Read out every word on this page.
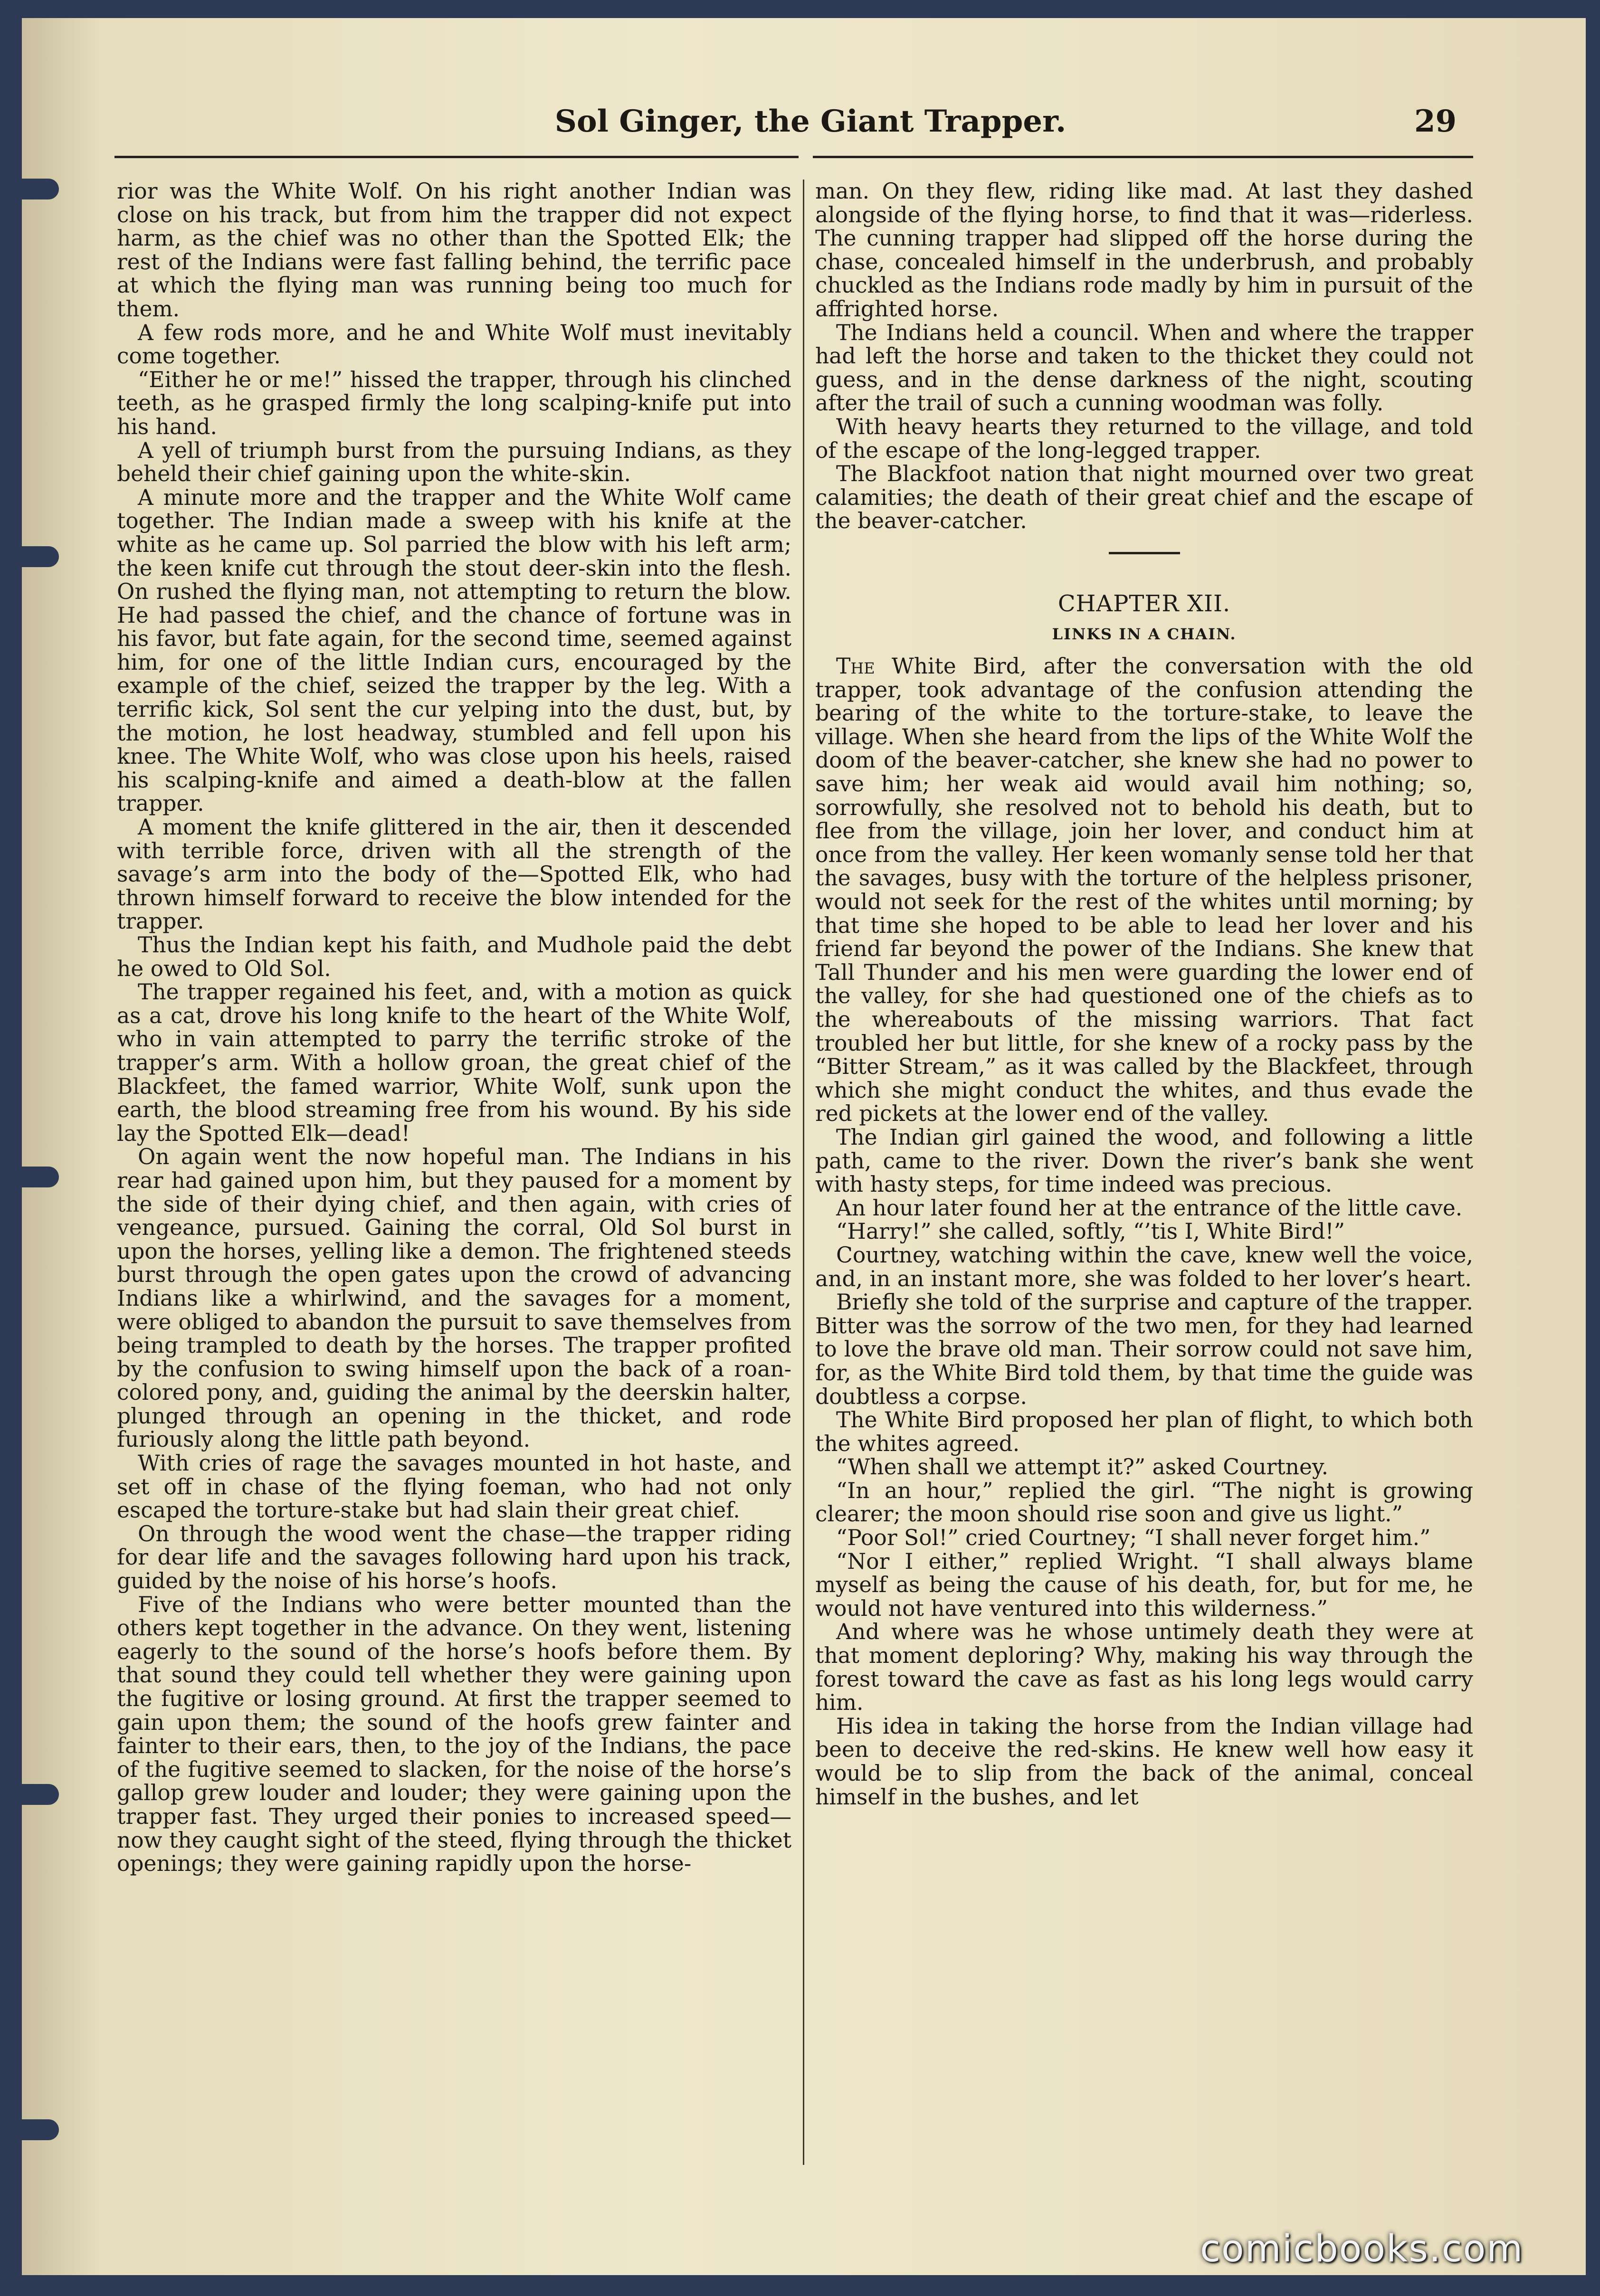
Sol Ginger, the Giant Trapper.	29

rior was the White Wolf. On his right another Indian was close on his track, but from him the trapper did not expect harm, as the chief was no other than the Spotted Elk; the rest of the Indians were fast falling behind, the terrific pace at which the flying man was running being too much for them.

A few rods more, and he and White Wolf must inevitably come together.

“Either he or me!” hissed the trapper, through his clinched teeth, as he grasped firmly the long scalping-knife put into his hand.

A yell of triumph burst from the pursuing Indians, as they beheld their chief gaining upon the white-skin.

A minute more and the trapper and the White Wolf came together. The Indian made a sweep with his knife at the white as he came up. Sol parried the blow with his left arm; the keen knife cut through the stout deer-skin into the flesh. On rushed the flying man, not attempting to return the blow. He had passed the chief, and the chance of fortune was in his favor, but fate again, for the second time, seemed against him, for one of the little Indian curs, encouraged by the example of the chief, seized the trapper by the leg. With a terrific kick, Sol sent the cur yelping into the dust, but, by the motion, he lost headway, stumbled and fell upon his knee. The White Wolf, who was close upon his heels, raised his scalping-knife and aimed a death-blow at the fallen trapper.

A moment the knife glittered in the air, then it descended with terrible force, driven with all the strength of the savage’s arm into the body of the—Spotted Elk, who had thrown himself forward to receive the blow intended for the trapper.

Thus the Indian kept his faith, and Mudhole paid the debt he owed to Old Sol.

The trapper regained his feet, and, with a motion as quick as a cat, drove his long knife to the heart of the White Wolf, who in vain attempted to parry the terrific stroke of the trapper’s arm. With a hollow groan, the great chief of the Blackfeet, the famed warrior, White Wolf, sunk upon the earth, the blood streaming free from his wound. By his side lay the Spotted Elk—dead!

On again went the now hopeful man. The Indians in his rear had gained upon him, but they paused for a moment by the side of their dying chief, and then again, with cries of vengeance, pursued. Gaining the corral, Old Sol burst in upon the horses, yelling like a demon. The frightened steeds burst through the open gates upon the crowd of advancing Indians like a whirlwind, and the savages for a moment, were obliged to abandon the pursuit to save themselves from being trampled to death by the horses. The trapper profited by the confusion to swing himself upon the back of a roan-colored pony, and, guiding the animal by the deerskin halter, plunged through an opening in the thicket, and rode furiously along the little path beyond.

With cries of rage the savages mounted in hot haste, and set off in chase of the flying foeman, who had not only escaped the torture-stake but had slain their great chief.

On through the wood went the chase—the trapper riding for dear life and the savages following hard upon his track, guided by the noise of his horse’s hoofs.

Five of the Indians who were better mounted than the others kept together in the advance. On they went, listening eagerly to the sound of the horse’s hoofs before them. By that sound they could tell whether they were gaining upon the fugitive or losing ground. At first the trapper seemed to gain upon them; the sound of the hoofs grew fainter and fainter to their ears, then, to the joy of the Indians, the pace of the fugitive seemed to slacken, for the noise of the horse’s gallop grew louder and louder; they were gaining upon the trapper fast. They urged their ponies to increased speed—now they caught sight of the steed, flying through the thicket openings; they were gaining rapidly upon the horse-

man. On they flew, riding like mad. At last they dashed alongside of the flying horse, to find that it was—riderless. The cunning trapper had slipped off the horse during the chase, concealed himself in the underbrush, and probably chuckled as the Indians rode madly by him in pursuit of the affrighted horse.

The Indians held a council. When and where the trapper had left the horse and taken to the thicket they could not guess, and in the dense darkness of the night, scouting after the trail of such a cunning woodman was folly.

With heavy hearts they returned to the village, and told of the escape of the long-legged trapper.

The Blackfoot nation that night mourned over two great calamities; the death of their great chief and the escape of the beaver-catcher.

CHAPTER XII.
LINKS IN A CHAIN.

The White Bird, after the conversation with the old trapper, took advantage of the confusion attending the bearing of the white to the torture-stake, to leave the village. When she heard from the lips of the White Wolf the doom of the beaver-catcher, she knew she had no power to save him; her weak aid would avail him nothing; so, sorrowfully, she resolved not to behold his death, but to flee from the village, join her lover, and conduct him at once from the valley. Her keen womanly sense told her that the savages, busy with the torture of the helpless prisoner, would not seek for the rest of the whites until morning; by that time she hoped to be able to lead her lover and his friend far beyond the power of the Indians. She knew that Tall Thunder and his men were guarding the lower end of the valley, for she had questioned one of the chiefs as to the whereabouts of the missing warriors. That fact troubled her but little, for she knew of a rocky pass by the “Bitter Stream,” as it was called by the Blackfeet, through which she might conduct the whites, and thus evade the red pickets at the lower end of the valley.

The Indian girl gained the wood, and following a little path, came to the river. Down the river’s bank she went with hasty steps, for time indeed was precious.

An hour later found her at the entrance of the little cave.

“Harry!” she called, softly, “’tis I, White Bird!”

Courtney, watching within the cave, knew well the voice, and, in an instant more, she was folded to her lover’s heart.

Briefly she told of the surprise and capture of the trapper. Bitter was the sorrow of the two men, for they had learned to love the brave old man. Their sorrow could not save him, for, as the White Bird told them, by that time the guide was doubtless a corpse.

The White Bird proposed her plan of flight, to which both the whites agreed.

“When shall we attempt it?” asked Courtney.

“In an hour,” replied the girl. “The night is growing clearer; the moon should rise soon and give us light.”

“Poor Sol!” cried Courtney; “I shall never forget him.”

“Nor I either,” replied Wright. “I shall always blame myself as being the cause of his death, for, but for me, he would not have ventured into this wilderness.”

And where was he whose untimely death they were at that moment deploring? Why, making his way through the forest toward the cave as fast as his long legs would carry him.

His idea in taking the horse from the Indian village had been to deceive the red-skins. He knew well how easy it would be to slip from the back of the animal, conceal himself in the bushes, and let

comicbooks.com
